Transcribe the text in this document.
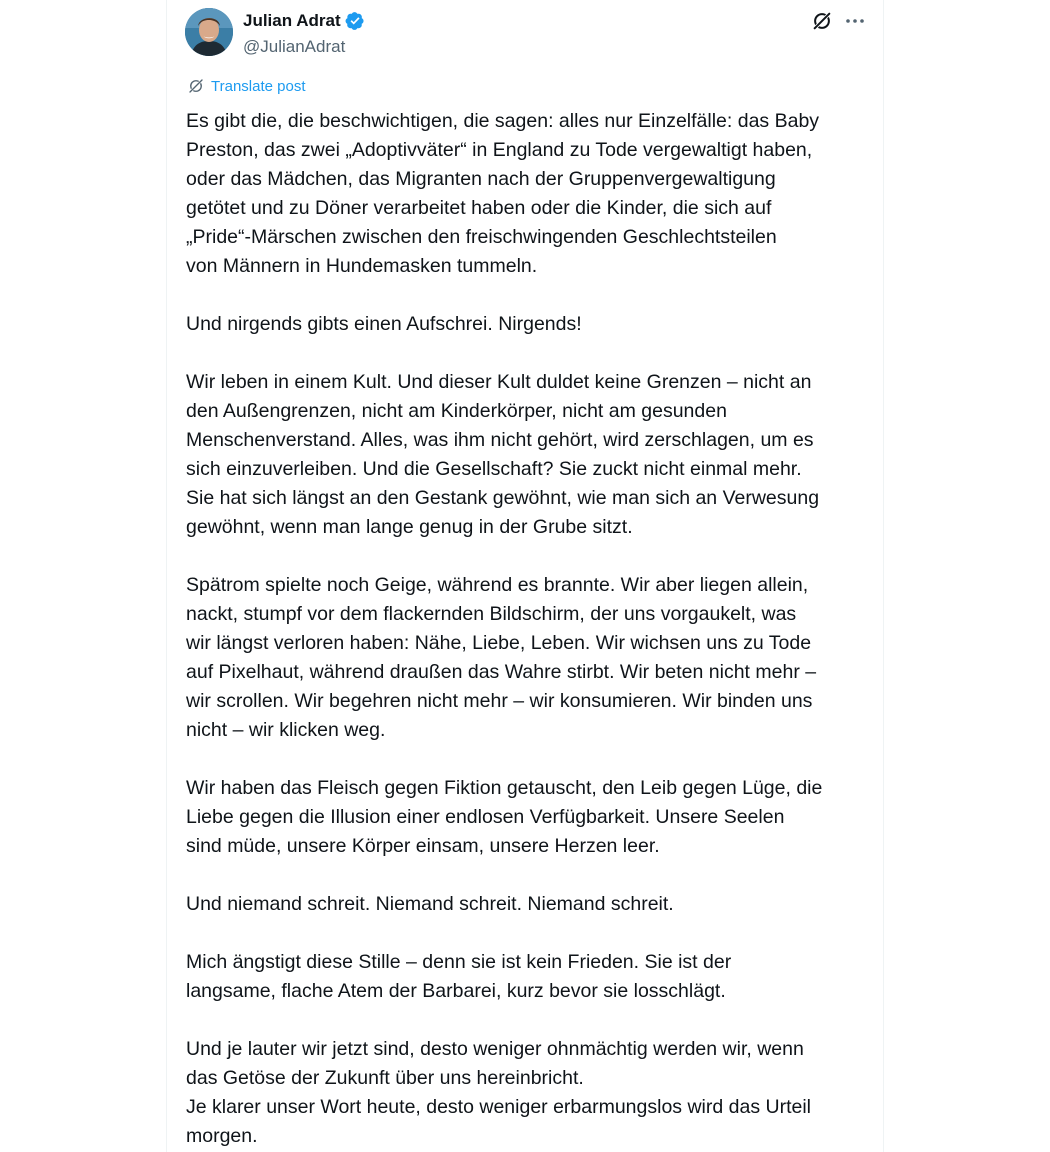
Julian Adrat
@JulianAdrat
Translate post

Es gibt die, die beschwichtigen, die sagen: alles nur Einzelfälle: das Baby
Preston, das zwei „Adoptivväter“ in England zu Tode vergewaltigt haben,
oder das Mädchen, das Migranten nach der Gruppenvergewaltigung
getötet und zu Döner verarbeitet haben oder die Kinder, die sich auf
„Pride“-Märschen zwischen den freischwingenden Geschlechtsteilen
von Männern in Hundemasken tummeln.

Und nirgends gibts einen Aufschrei. Nirgends!

Wir leben in einem Kult. Und dieser Kult duldet keine Grenzen – nicht an
den Außengrenzen, nicht am Kinderkörper, nicht am gesunden
Menschenverstand. Alles, was ihm nicht gehört, wird zerschlagen, um es
sich einzuverleiben. Und die Gesellschaft? Sie zuckt nicht einmal mehr.
Sie hat sich längst an den Gestank gewöhnt, wie man sich an Verwesung
gewöhnt, wenn man lange genug in der Grube sitzt.

Spätrom spielte noch Geige, während es brannte. Wir aber liegen allein,
nackt, stumpf vor dem flackernden Bildschirm, der uns vorgaukelt, was
wir längst verloren haben: Nähe, Liebe, Leben. Wir wichsen uns zu Tode
auf Pixelhaut, während draußen das Wahre stirbt. Wir beten nicht mehr –
wir scrollen. Wir begehren nicht mehr – wir konsumieren. Wir binden uns
nicht – wir klicken weg.

Wir haben das Fleisch gegen Fiktion getauscht, den Leib gegen Lüge, die
Liebe gegen die Illusion einer endlosen Verfügbarkeit. Unsere Seelen
sind müde, unsere Körper einsam, unsere Herzen leer.

Und niemand schreit. Niemand schreit. Niemand schreit.

Mich ängstigt diese Stille – denn sie ist kein Frieden. Sie ist der
langsame, flache Atem der Barbarei, kurz bevor sie losschlägt.

Und je lauter wir jetzt sind, desto weniger ohnmächtig werden wir, wenn
das Getöse der Zukunft über uns hereinbricht.
Je klarer unser Wort heute, desto weniger erbarmungslos wird das Urteil
morgen.
